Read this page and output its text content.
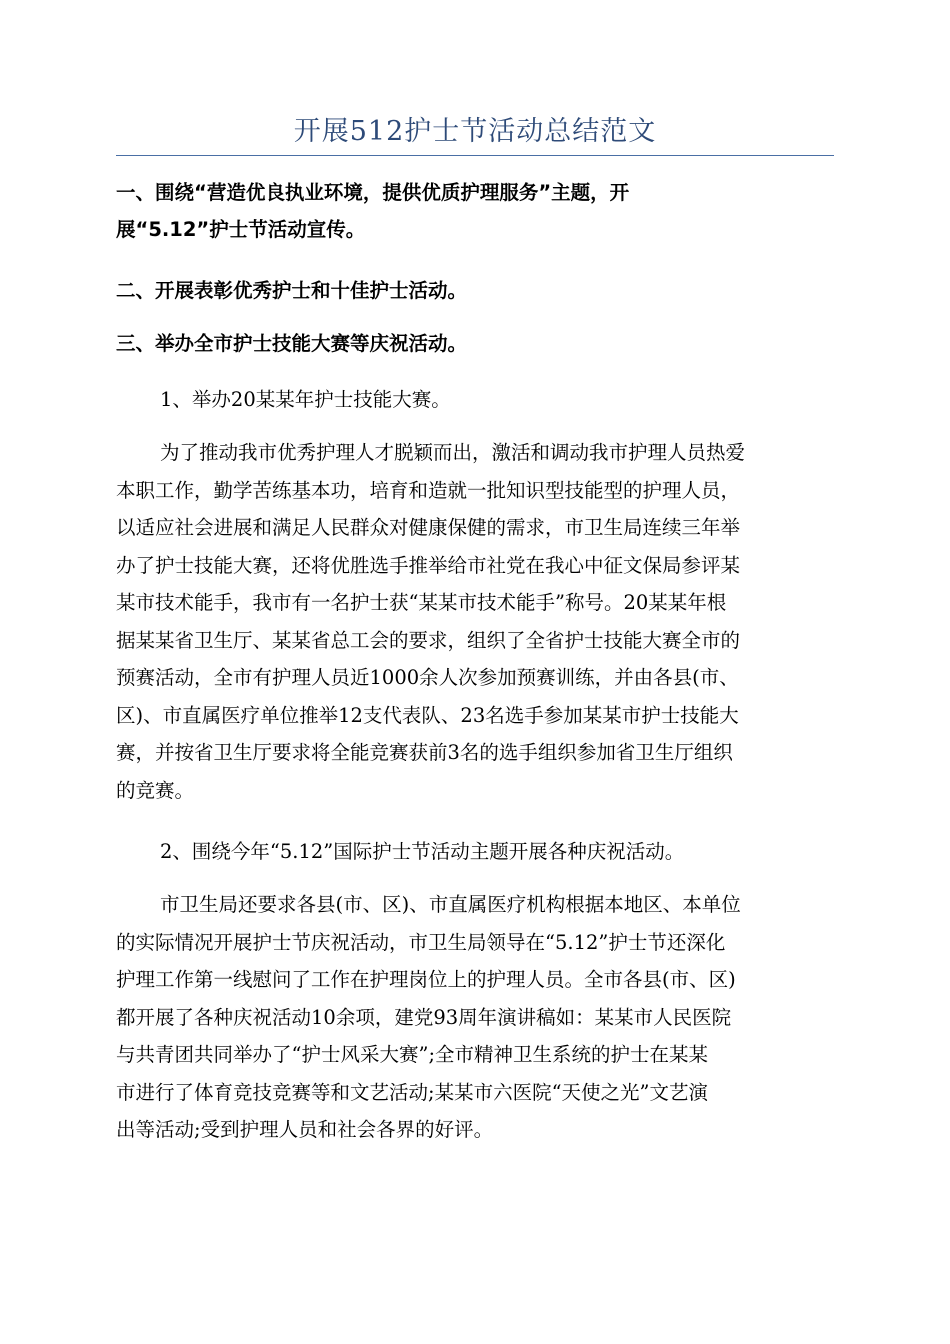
开展512护士节活动总结范文
一、围绕“营造优良执业环境，提供优质护理服务”主题，开
展“5.12”护士节活动宣传。
二、开展表彰优秀护士和十佳护士活动。
三、举办全市护士技能大赛等庆祝活动。
1、举办20某某年护士技能大赛。
为了推动我市优秀护理人才脱颖而出，激活和调动我市护理人员热爱
本职工作，勤学苦练基本功，培育和造就一批知识型技能型的护理人员，
以适应社会进展和满足人民群众对健康保健的需求，市卫生局连续三年举
办了护士技能大赛，还将优胜选手推举给市社党在我心中征文保局参评某
某市技术能手，我市有一名护士获“某某市技术能手”称号。20某某年根
据某某省卫生厅、某某省总工会的要求，组织了全省护士技能大赛全市的
预赛活动，全市有护理人员近1000余人次参加预赛训练，并由各县(市、
区)、市直属医疗单位推举12支代表队、23名选手参加某某市护士技能大
赛，并按省卫生厅要求将全能竞赛获前3名的选手组织参加省卫生厅组织
的竞赛。
2、围绕今年“5.12”国际护士节活动主题开展各种庆祝活动。
市卫生局还要求各县(市、区)、市直属医疗机构根据本地区、本单位
的实际情况开展护士节庆祝活动，市卫生局领导在“5.12”护士节还深化
护理工作第一线慰问了工作在护理岗位上的护理人员。全市各县(市、区)
都开展了各种庆祝活动10余项，建党93周年演讲稿如：某某市人民医院
与共青团共同举办了“护士风采大赛”;全市精神卫生系统的护士在某某
市进行了体育竞技竞赛等和文艺活动;某某市六医院“天使之光”文艺演
出等活动;受到护理人员和社会各界的好评。
